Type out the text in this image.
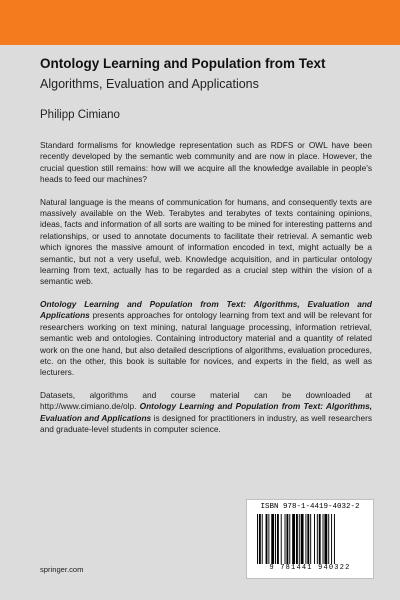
Ontology Learning and Population from Text
Algorithms, Evaluation and Applications
Philipp Cimiano

Standard formalisms for knowledge representation such as RDFS or OWL have been recently developed by the semantic web community and are now in place. However, the crucial question still remains: how will we acquire all the knowledge available in people's heads to feed our machines?

Natural language is the means of communication for humans, and consequently texts are massively available on the Web. Terabytes and terabytes of texts containing opinions, ideas, facts and information of all sorts are waiting to be mined for interesting patterns and relationships, or used to annotate documents to facilitate their retrieval. A semantic web which ignores the massive amount of information encoded in text, might actually be a semantic, but not a very useful, web. Knowledge acquisition, and in particular ontology learning from text, actually has to be regarded as a crucial step within the vision of a semantic web.

Ontology Learning and Population from Text: Algorithms, Evaluation and Applications presents approaches for ontology learning from text and will be relevant for researchers working on text mining, natural language processing, information retrieval, semantic web and ontologies. Containing introductory material and a quantity of related work on the one hand, but also detailed descriptions of algorithms, evaluation procedures, etc. on the other, this book is suitable for novices, and experts in the field, as well as lecturers.

Datasets, algorithms and course material can be downloaded at http://www.cimiano.de/olp. Ontology Learning and Population from Text: Algorithms, Evaluation and Applications is designed for practitioners in industry, as well researchers and graduate-level students in computer science.

springer.com
ISBN 978-1-4419-4032-2
9 781441 940322
